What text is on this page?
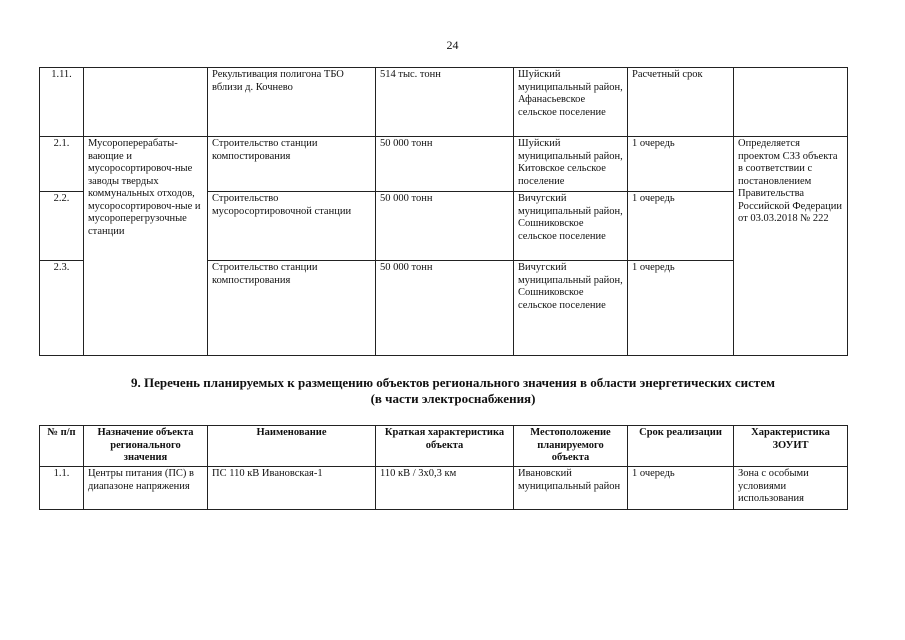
24
1.11.		Рекультивация полигона ТБО вблизи д. Кочнево	514 тыс. тонн	Шуйский муниципальный район, Афанасьевское сельское поселение	Расчетный срок	
2.1.	Мусороперерабаты-вающие и мусоросортировоч-ные заводы твердых коммунальных отходов, мусоросортировоч-ные и мусороперегрузочные станции	Строительство станции компостирования	50 000 тонн	Шуйский муниципальный район, Китовское сельское поселение	1 очередь	Определяется проектом СЗЗ объекта в соответствии с постановлением Правительства Российской Федерации от 03.03.2018 № 222
2.2.		Строительство мусоросортировочной станции	50 000 тонн	Вичугский муниципальный район, Сошниковское сельское поселение	1 очередь	
2.3.		Строительство станции компостирования	50 000 тонн	Вичугский муниципальный район, Сошниковское сельское поселение	1 очередь	
9. Перечень планируемых к размещению объектов регионального значения в области энергетических систем
(в части электроснабжения)
№ п/п	Назначение объекта регионального значения	Наименование	Краткая характеристика объекта	Местоположение планируемого объекта	Срок реализации	Характеристика ЗОУИТ
1.1.	Центры питания (ПС) в диапазоне напряжения	ПС 110 кВ Ивановская-1	110 кВ / 3х0,3 км	Ивановский муниципальный район	1 очередь	Зона с особыми условиями использования
